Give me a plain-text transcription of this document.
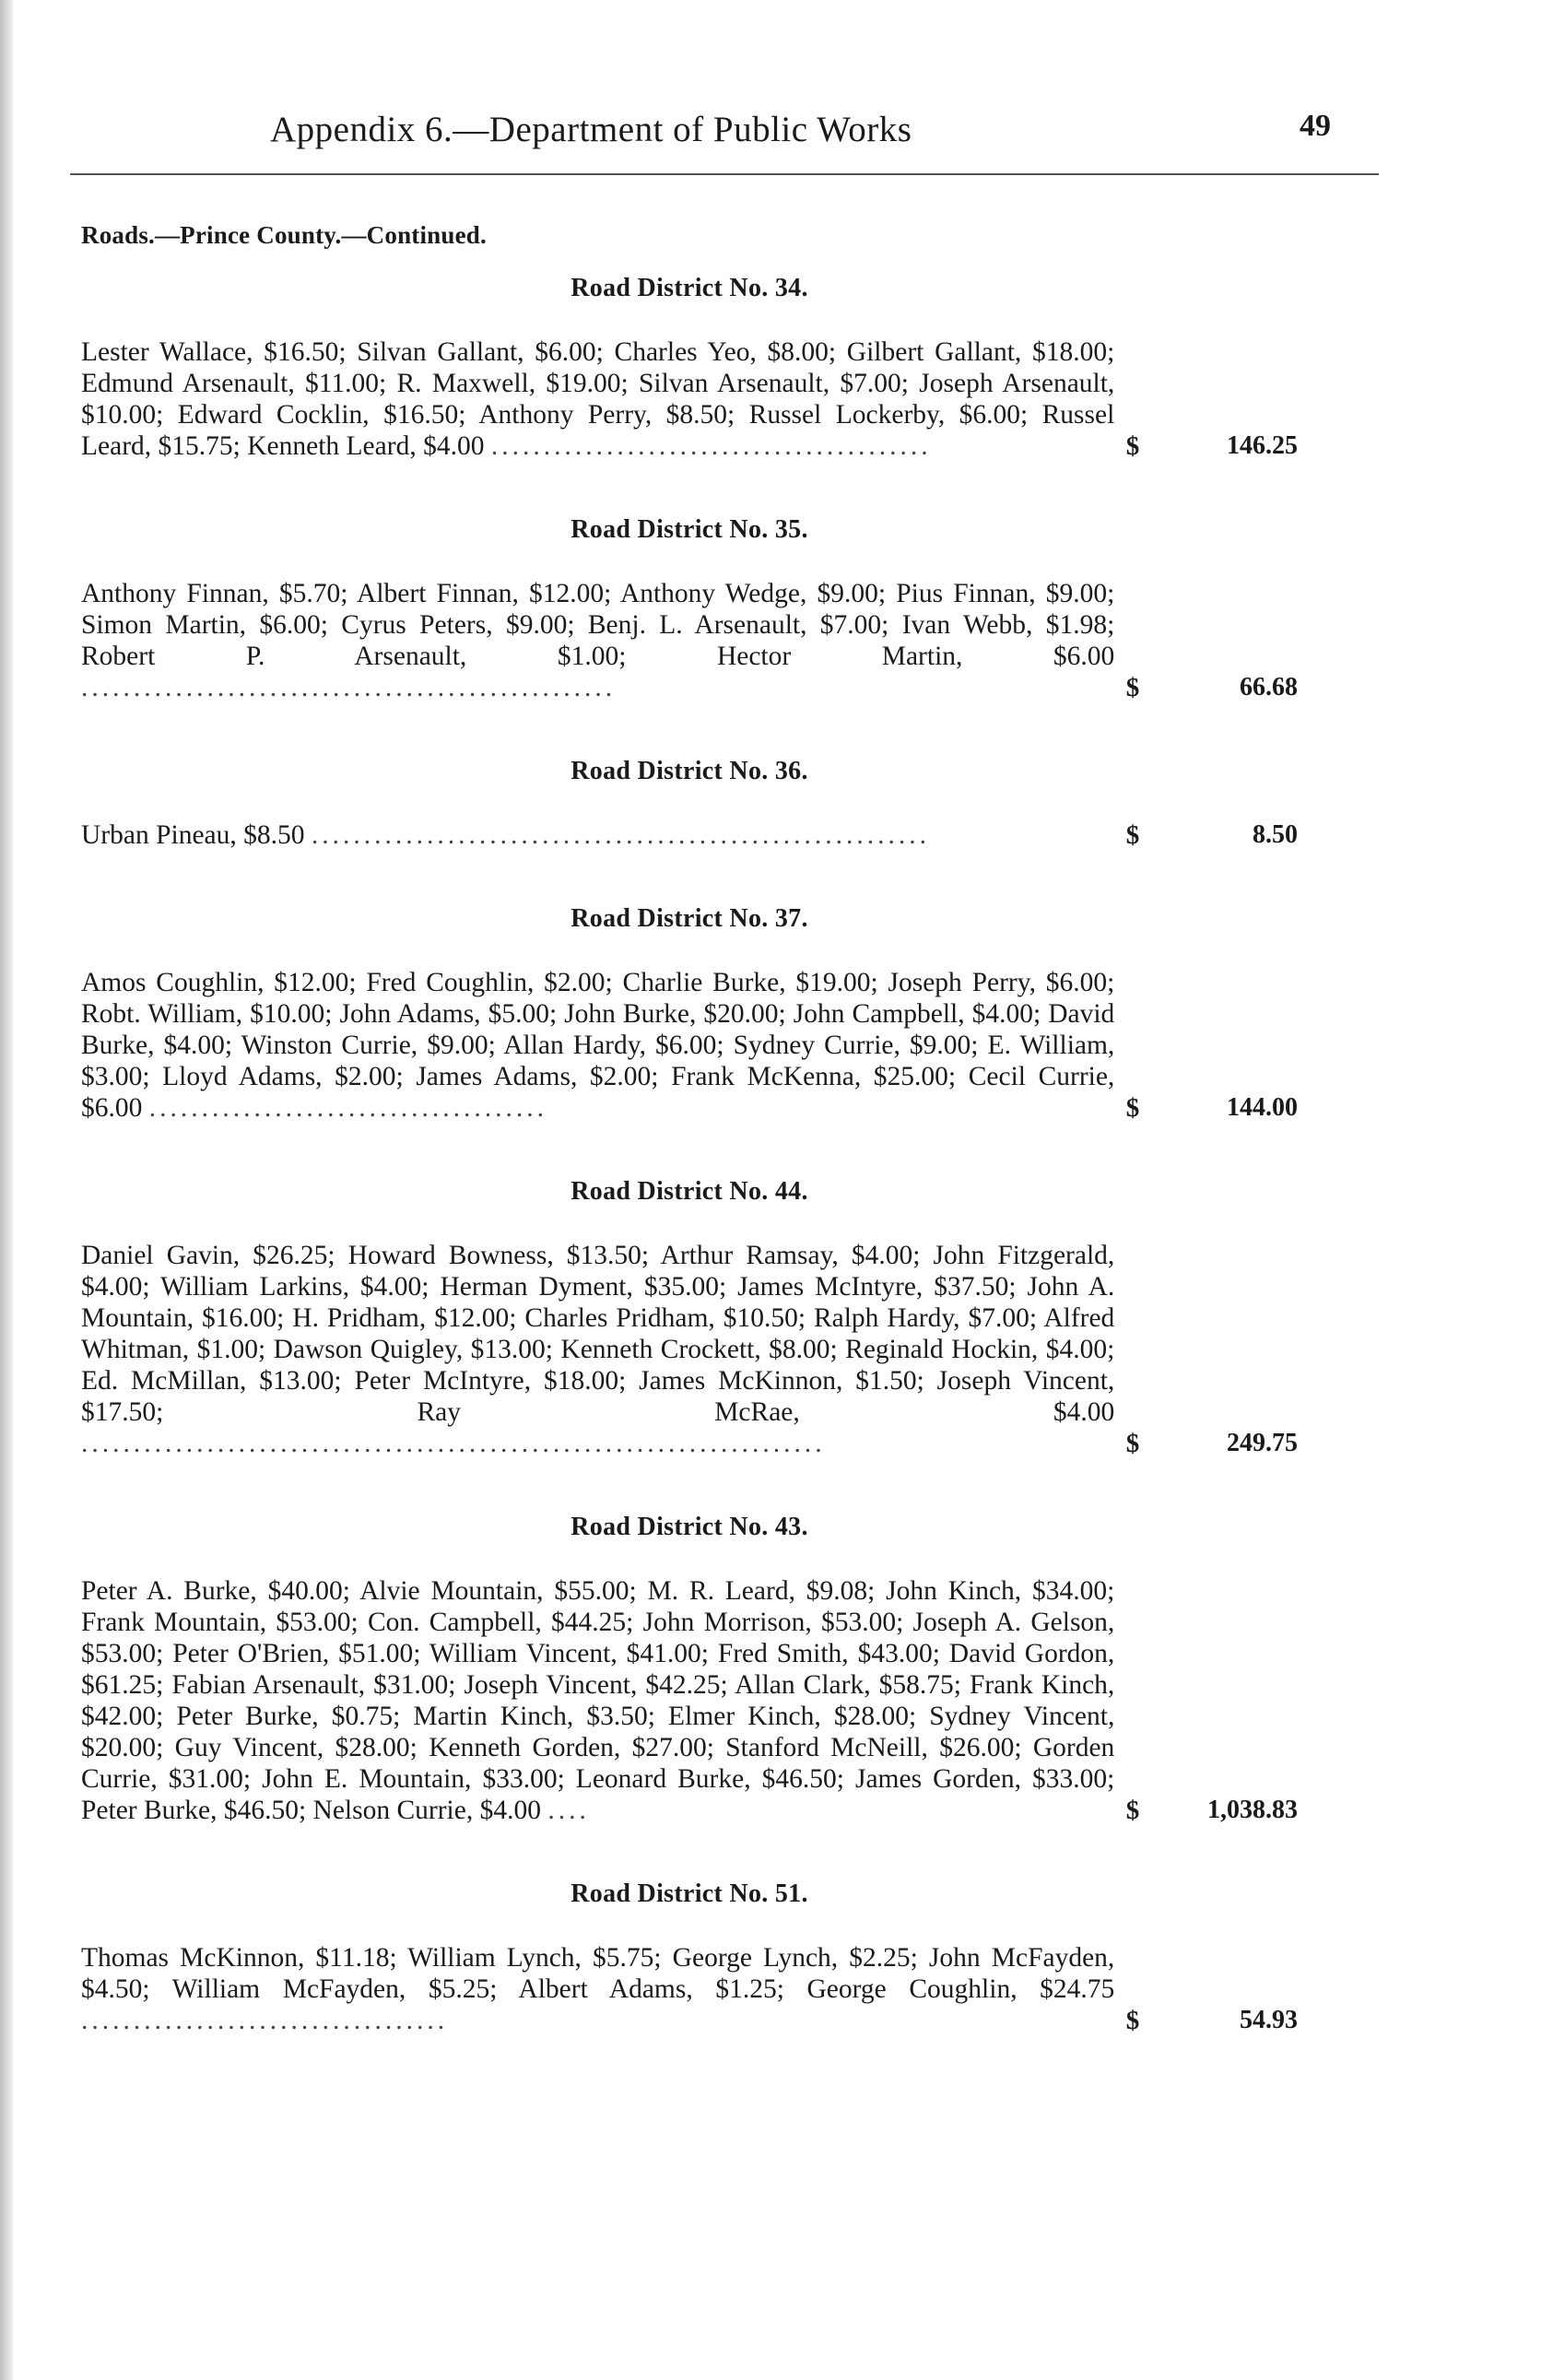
Appendix 6.—Department of Public Works	49
Roads.—Prince County.—Continued.
Road District No. 34.
Lester Wallace, $16.50; Silvan Gallant, $6.00; Charles Yeo, $8.00; Gilbert Gallant, $18.00; Edmund Arsenault, $11.00; R. Maxwell, $19.00; Silvan Arsenault, $7.00; Joseph Arsenault, $10.00; Edward Cocklin, $16.50; Anthony Perry, $8.50; Russel Lockerby, $6.00; Russel Leard, $15.75; Kenneth Leard, $4.00 ..........................................	$	146.25
Road District No. 35.
Anthony Finnan, $5.70; Albert Finnan, $12.00; Anthony Wedge, $9.00; Pius Finnan, $9.00; Simon Martin, $6.00; Cyrus Peters, $9.00; Benj. L. Arsenault, $7.00; Ivan Webb, $1.98; Robert P. Arsenault, $1.00; Hector Martin, $6.00 ...................................................	$	66.68
Road District No. 36.
Urban Pineau, $8.50 ...........................................................	$	8.50
Road District No. 37.
Amos Coughlin, $12.00; Fred Coughlin, $2.00; Charlie Burke, $19.00; Joseph Perry, $6.00; Robt. William, $10.00; John Adams, $5.00; John Burke, $20.00; John Campbell, $4.00; David Burke, $4.00; Winston Currie, $9.00; Allan Hardy, $6.00; Sydney Currie, $9.00; E. William, $3.00; Lloyd Adams, $2.00; James Adams, $2.00; Frank McKenna, $25.00; Cecil Currie, $6.00 ......................................	$	144.00
Road District No. 44.
Daniel Gavin, $26.25; Howard Bowness, $13.50; Arthur Ramsay, $4.00; John Fitzgerald, $4.00; William Larkins, $4.00; Herman Dyment, $35.00; James McIntyre, $37.50; John A. Mountain, $16.00; H. Pridham, $12.00; Charles Pridham, $10.50; Ralph Hardy, $7.00; Alfred Whitman, $1.00; Dawson Quigley, $13.00; Kenneth Crockett, $8.00; Reginald Hockin, $4.00; Ed. McMillan, $13.00; Peter McIntyre, $18.00; James McKinnon, $1.50; Joseph Vincent, $17.50; Ray McRae, $4.00 .......................................................................	$	249.75
Road District No. 43.
Peter A. Burke, $40.00; Alvie Mountain, $55.00; M. R. Leard, $9.08; John Kinch, $34.00; Frank Mountain, $53.00; Con. Campbell, $44.25; John Morrison, $53.00; Joseph A. Gelson, $53.00; Peter O'Brien, $51.00; William Vincent, $41.00; Fred Smith, $43.00; David Gordon, $61.25; Fabian Arsenault, $31.00; Joseph Vincent, $42.25; Allan Clark, $58.75; Frank Kinch, $42.00; Peter Burke, $0.75; Martin Kinch, $3.50; Elmer Kinch, $28.00; Sydney Vincent, $20.00; Guy Vincent, $28.00; Kenneth Gorden, $27.00; Stanford McNeill, $26.00; Gorden Currie, $31.00; John E. Mountain, $33.00; Leonard Burke, $46.50; James Gorden, $33.00; Peter Burke, $46.50; Nelson Currie, $4.00 ....	$	1,038.83
Road District No. 51.
Thomas McKinnon, $11.18; William Lynch, $5.75; George Lynch, $2.25; John McFayden, $4.50; William McFayden, $5.25; Albert Adams, $1.25; George Coughlin, $24.75 ...................................	$	54.93
